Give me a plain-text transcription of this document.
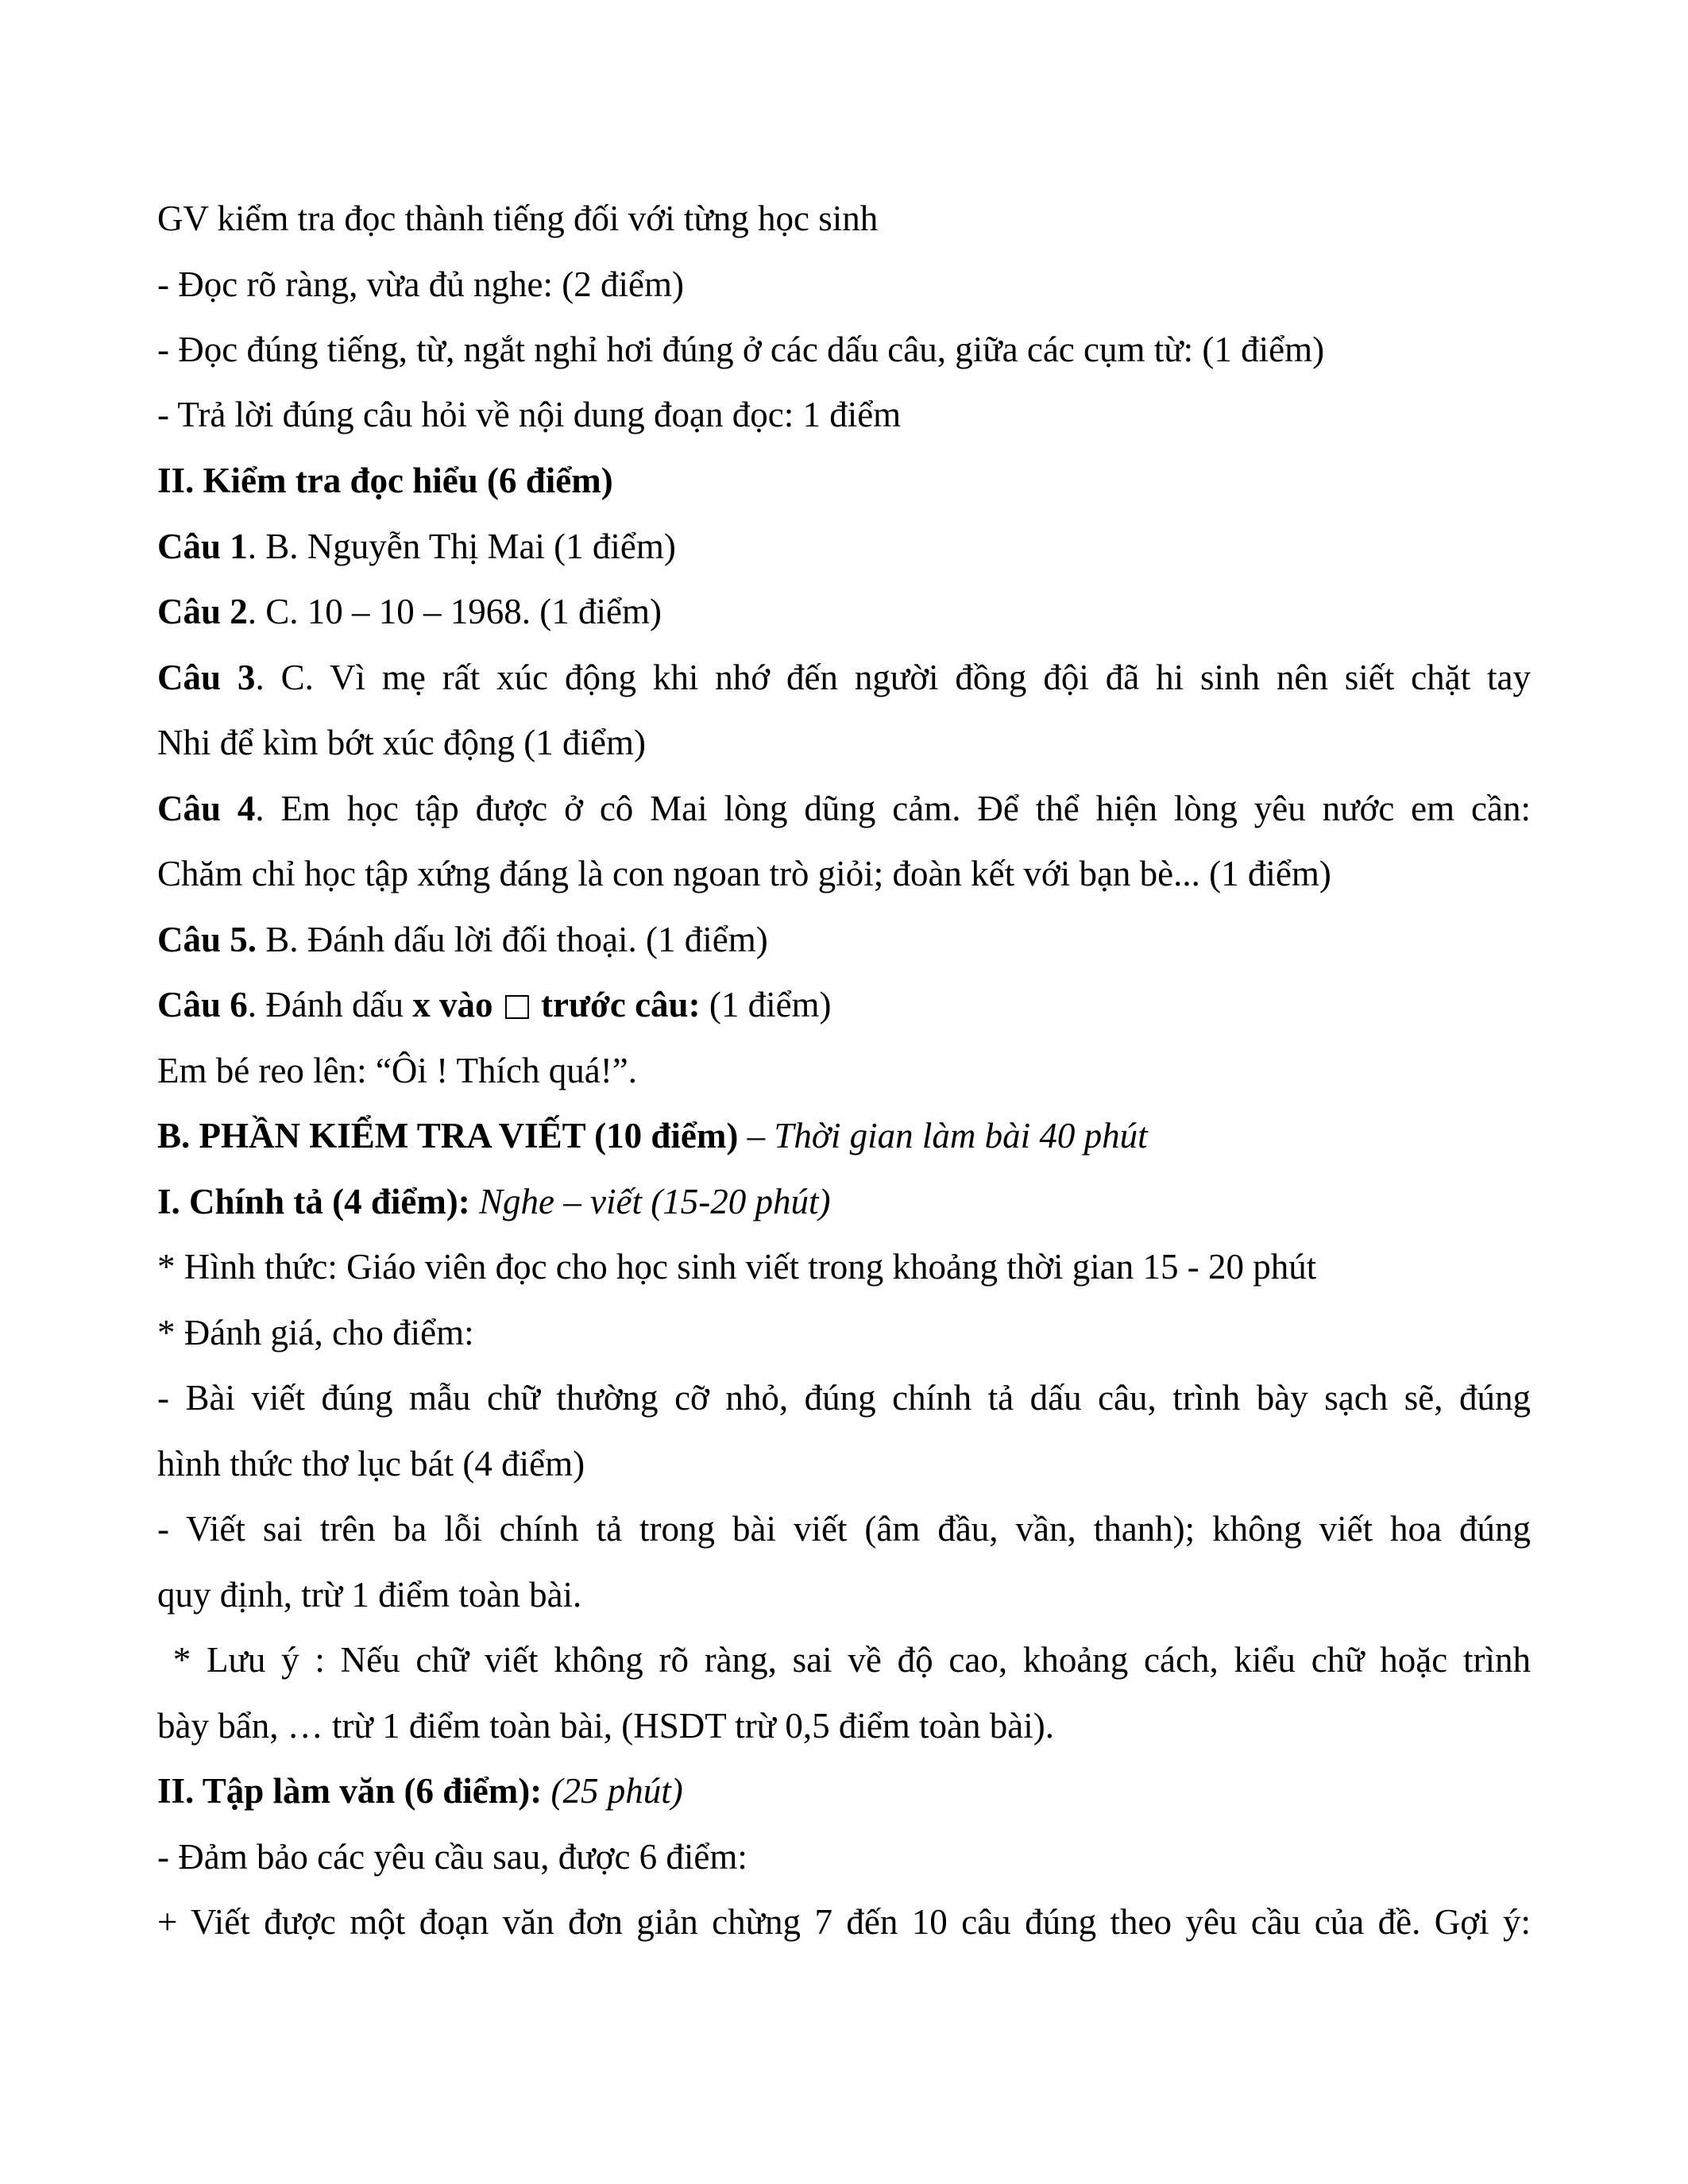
GV kiểm tra đọc thành tiếng đối với từng học sinh
- Đọc rõ ràng, vừa đủ nghe: (2 điểm)
- Đọc đúng tiếng, từ, ngắt nghỉ hơi đúng ở các dấu câu, giữa các cụm từ: (1 điểm)
- Trả lời đúng câu hỏi về nội dung đoạn đọc: 1 điểm
II. Kiểm tra đọc hiểu (6 điểm)
Câu 1. B. Nguyễn Thị Mai (1 điểm)
Câu 2. C. 10 – 10 – 1968. (1 điểm)
Câu 3. C. Vì mẹ rất xúc động khi nhớ đến người đồng đội đã hi sinh nên siết chặt tay
Nhi để kìm bớt xúc động (1 điểm)
Câu 4. Em học tập được ở cô Mai lòng dũng cảm. Để thể hiện lòng yêu nước em cần:
Chăm chỉ học tập xứng đáng là con ngoan trò giỏi; đoàn kết với bạn bè... (1 điểm)
Câu 5. B. Đánh dấu lời đối thoại. (1 điểm)
Câu 6. Đánh dấu x vào trước câu: (1 điểm)
Em bé reo lên: “Ôi ! Thích quá!”.
B. PHẦN KIỂM TRA VIẾT (10 điểm) – Thời gian làm bài 40 phút
I. Chính tả (4 điểm): Nghe – viết (15-20 phút)
* Hình thức: Giáo viên đọc cho học sinh viết trong khoảng thời gian 15 - 20 phút
* Đánh giá, cho điểm:
- Bài viết đúng mẫu chữ thường cỡ nhỏ, đúng chính tả dấu câu, trình bày sạch sẽ, đúng
hình thức thơ lục bát (4 điểm)
- Viết sai trên ba lỗi chính tả trong bài viết (âm đầu, vần, thanh); không viết hoa đúng
quy định, trừ 1 điểm toàn bài.
* Lưu ý : Nếu chữ viết không rõ ràng, sai về độ cao, khoảng cách, kiểu chữ hoặc trình
bày bẩn, … trừ 1 điểm toàn bài, (HSDT trừ 0,5 điểm toàn bài).
II. Tập làm văn (6 điểm): (25 phút)
- Đảm bảo các yêu cầu sau, được 6 điểm:
+ Viết được một đoạn văn đơn giản chừng 7 đến 10 câu đúng theo yêu cầu của đề. Gợi ý:
